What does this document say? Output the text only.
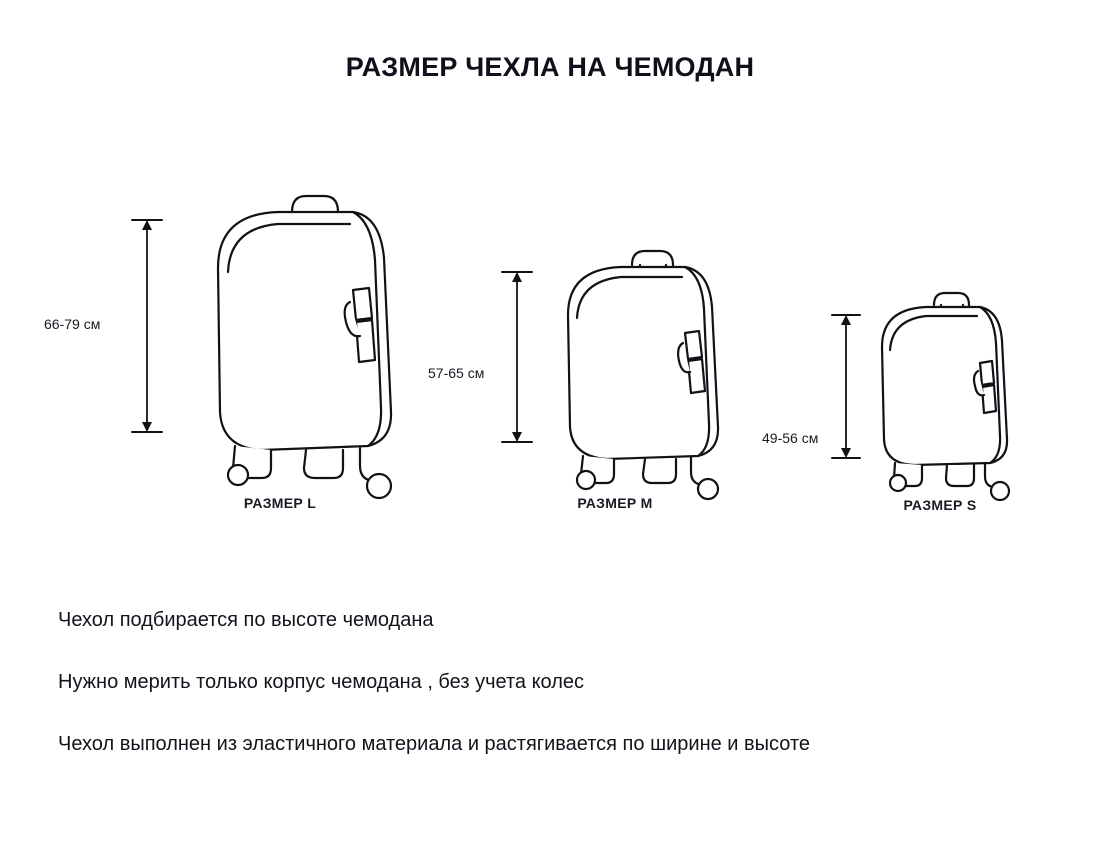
РАЗМЕР ЧЕХЛА НА ЧЕМОДАН
66-79 см
РАЗМЕР L
57-65 см
РАЗМЕР M
49-56 см
РАЗМЕР S
Чехол подбирается по высоте чемодана
Нужно мерить только корпус чемодана , без учета колес
Чехол выполнен из эластичного материала и растягивается по ширине и высоте
